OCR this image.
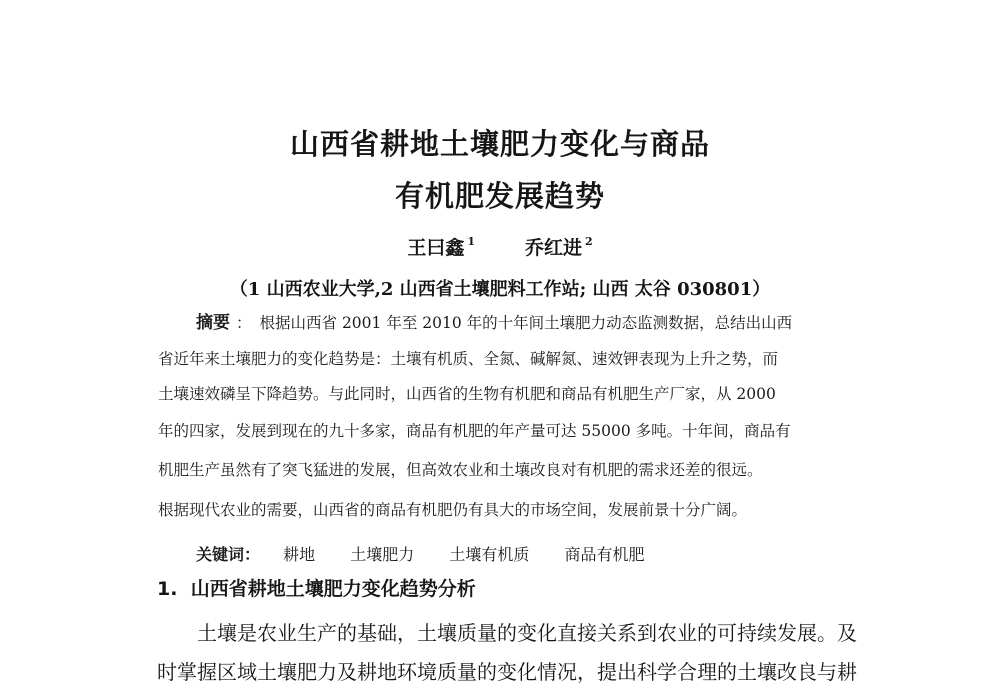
山西省耕地土壤肥力变化与商品
有机肥发展趋势
王曰鑫 $^1$	乔红进 $^2$
（1 山西农业大学,2 山西省土壤肥料工作站; 山西 太谷 030801）
摘要 ： 根据山西省 2001 年至 2010 年的十年间土壤肥力动态监测数据，总结出山西
省近年来土壤肥力的变化趋势是：土壤有机质、全氮、碱解氮、速效钾表现为上升之势，而
土壤速效磷呈下降趋势。与此同时，山西省的生物有机肥和商品有机肥生产厂家，从 2000
年的四家，发展到现在的九十多家，商品有机肥的年产量可达 55000 多吨。十年间，商品有
机肥生产虽然有了突飞猛进的发展，但高效农业和土壤改良对有机肥的需求还差的很远。
根据现代农业的需要，山西省的商品有机肥仍有具大的市场空间，发展前景十分广阔。
关键词： 耕地 土壤肥力 土壤有机质 商品有机肥
1. 山西省耕地土壤肥力变化趋势分析
土壤是农业生产的基础，土壤质量的变化直接关系到农业的可持续发展。及
时掌握区域土壤肥力及耕地环境质量的变化情况，提出科学合理的土壤改良与耕
